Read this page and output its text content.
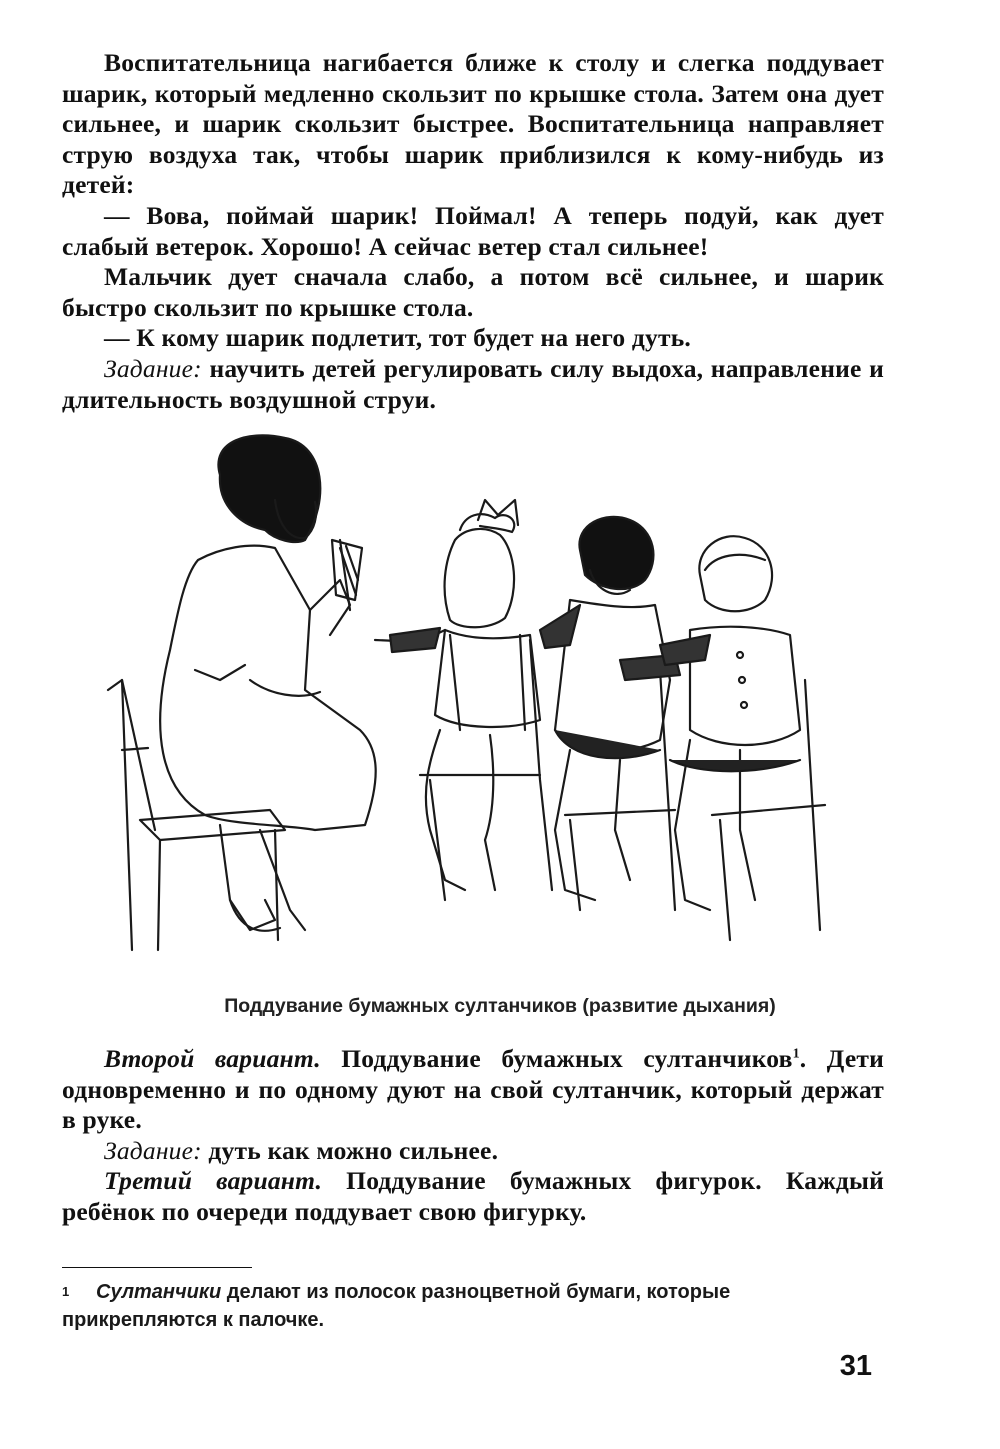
Воспитательница нагибается ближе к столу и слегка поддувает шарик, который медленно скользит по крышке стола. Затем она дует сильнее, и шарик скользит быстрее. Воспитательница направляет струю воздуха так, чтобы шарик приблизился к кому-нибудь из детей:

— Вова, поймай шарик! Поймал! А теперь подуй, как дует слабый ветерок. Хорошо! А сейчас ветер стал сильнее!

Мальчик дует сначала слабо, а потом всё сильнее, и шарик быстро скользит по крышке стола.

— К кому шарик подлетит, тот будет на него дуть.

Задание: научить детей регулировать силу выдоха, направление и длительность воздушной струи.

Поддувание бумажных султанчиков (развитие дыхания)

Второй вариант. Поддувание бумажных султанчиков$^1$. Дети одновременно и по одному дуют на свой султанчик, который держат в руке.

Задание: дуть как можно сильнее.

Третий вариант. Поддувание бумажных фигурок. Каждый ребёнок по очереди поддувает свою фигурку.

1 Султанчики делают из полосок разноцветной бумаги, которые прикрепляются к палочке.
31
